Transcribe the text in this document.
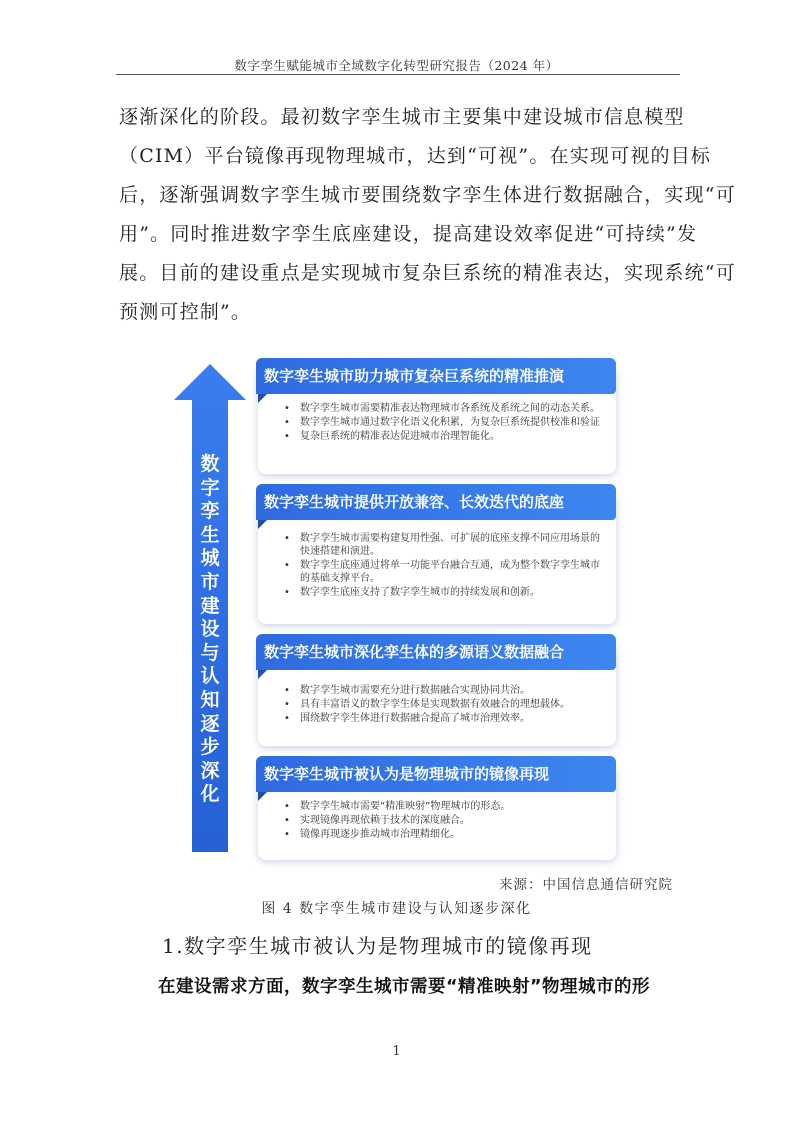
数字孪生赋能城市全域数字化转型研究报告（2024 年）
逐渐深化的阶段。最初数字孪生城市主要集中建设城市信息模型
（CIM）平台镜像再现物理城市，达到“可视”。在实现可视的目标
后，逐渐强调数字孪生城市要围绕数字孪生体进行数据融合，实现“可
用”。同时推进数字孪生底座建设，提高建设效率促进“可持续”发
展。目前的建设重点是实现城市复杂巨系统的精准表达，实现系统“可
预测可控制”。
数字孪生城市建设与认知逐步深化
数字孪生城市助力城市复杂巨系统的精准推演
• 数字孪生城市需要精准表达物理城市各系统及系统之间的动态关系。
• 数字孪生城市通过数字化语义化积累，为复杂巨系统提供校准和验证
• 复杂巨系统的精准表达促进城市治理智能化。
数字孪生城市提供开放兼容、长效迭代的底座
• 数字孪生城市需要构建复用性强、可扩展的底座支撑不同应用场景的快速搭建和演进。
• 数字孪生底座通过将单一功能平台融合互通，成为整个数字孪生城市的基础支撑平台。
• 数字孪生底座支持了数字孪生城市的持续发展和创新。
数字孪生城市深化孪生体的多源语义数据融合
• 数字孪生城市需要充分进行数据融合实现协同共治。
• 具有丰富语义的数字孪生体是实现数据有效融合的理想载体。
• 围绕数字孪生体进行数据融合提高了城市治理效率。
数字孪生城市被认为是物理城市的镜像再现
• 数字孪生城市需要“精准映射”物理城市的形态。
• 实现镜像再现依赖于技术的深度融合。
• 镜像再现逐步推动城市治理精细化。
来源：中国信息通信研究院
图 4 数字孪生城市建设与认知逐步深化
1.数字孪生城市被认为是物理城市的镜像再现
在建设需求方面，数字孪生城市需要“精准映射”物理城市的形
1
